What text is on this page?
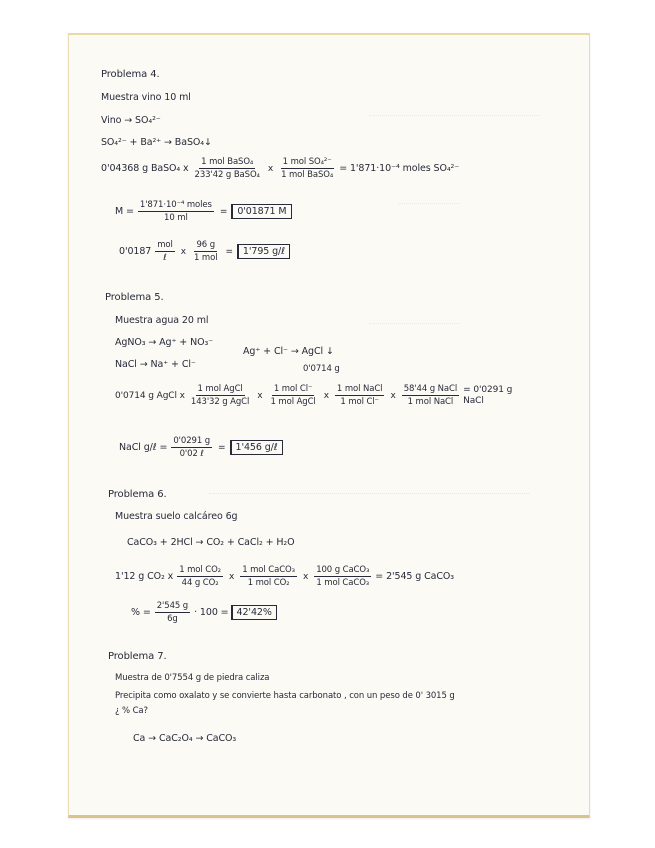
Problema 4.
Muestra vino 10 ml
Vino → SO₄²⁻
SO₄²⁻ + Ba²⁺ → BaSO₄↓
0'04368 g BaSO₄ x $\frac{\text{1 mol BaSO₄}}{\text{233'42 g BaSO₄}}$ x $\frac{\text{1 mol SO₄²⁻}}{\text{1 mol BaSO₄}} = 1'871\cdot 10^{-4}$ moles SO₄²⁻
$M = \frac{\text{1'871·10⁻⁴ moles}}{10 ml}$ =	0'01871 M
$0'0187 \frac{\text{mol}}{\text{ℓ}}$ x $\frac{96 g}{\text{1 mol}}$ =	1'795 g/ℓ
Problema 5.
Muestra agua 20 ml
AgNO₃ → Ag⁺ + NO₃⁻
Ag⁺ + Cl⁻ → AgCl ↓
NaCl → Na⁺ + Cl⁻	0'0714 g
0'0714 g AgCl x $\frac{\text{1 mol AgCl}}{\text{143'32 g AgCl}}$ x $\frac{\text{1 mol Cl⁻}}{\text{1 mol AgCl}}$ x $\frac{\text{1 mol NaCl}}{\text{1 mol Cl⁻}}$ x $\frac{\text{58'44 g NaCl}}{\text{1 mol NaCl}} = 0'0291$ g NaCl
NaCl g/ℓ = $\frac{0'0291 g}{\text{0'02 ℓ}}$ =	1'456 g/ℓ
Problema 6.
Muestra suelo calcáreo 6g
CaCO₃ + 2HCl → CO₂ + CaCl₂ + H₂O
1'12 g CO₂ x $\frac{\text{1 mol CO₂}}{\text{44 g CO₂}}$ x $\frac{\text{1 mol CaCO₃}}{\text{1 mol CO₂}}$ x $\frac{\text{100 g CaCO₃}}{\text{1 mol CaCO₃}} = 2'545$ g CaCO₃
% = $\frac{2'545 g}{6g} \cdot 100 = 42'42\%$
Problema 7.
Muestra de 0'7554 g de piedra caliza
Precipita como oxalato y se convierte hasta carbonato , con un peso de 0' 3015 g
¿ % Ca?
Ca → CaC₂O₄ → CaCO₃
